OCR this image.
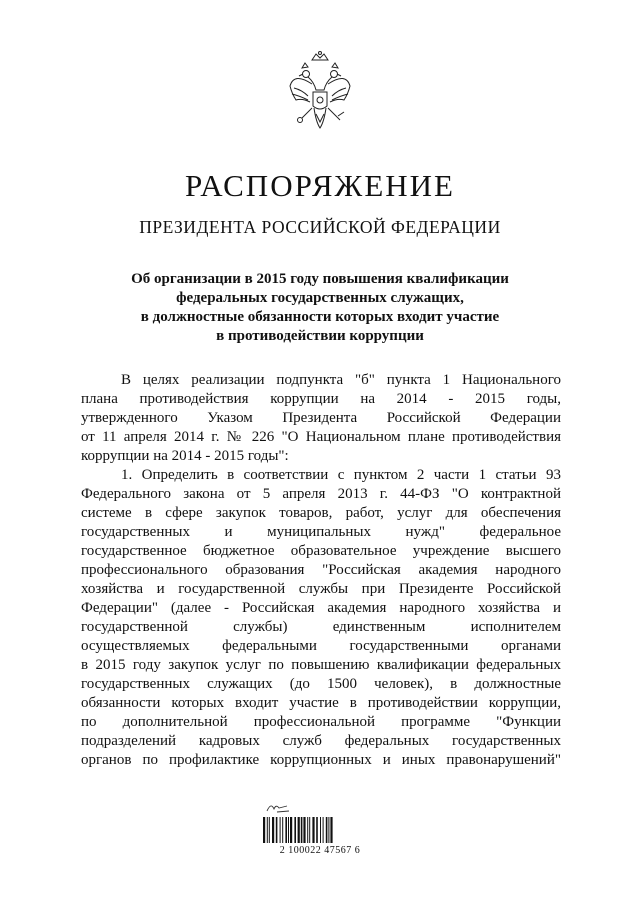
РАСПОРЯЖЕНИЕ
ПРЕЗИДЕНТА РОССИЙСКОЙ ФЕДЕРАЦИИ
Об организации в 2015 году повышения квалификации
федеральных государственных служащих,
в должностные обязанности которых входит участие
в противодействии коррупции
В целях реализации подпункта "б" пункта 1 Национального
плана противодействия коррупции на 2014 - 2015 годы,
утвержденного Указом Президента Российской Федерации
от 11 апреля 2014 г. № 226 "О Национальном плане противодействия
коррупции на 2014 - 2015 годы":
1. Определить в соответствии с пунктом 2 части 1 статьи 93
Федерального закона от 5 апреля 2013 г. 44-ФЗ "О контрактной
системе в сфере закупок товаров, работ, услуг для обеспечения
государственных и муниципальных нужд" федеральное
государственное бюджетное образовательное учреждение высшего
профессионального образования "Российская академия народного
хозяйства и государственной службы при Президенте Российской
Федерации" (далее - Российская академия народного хозяйства и
государственной службы) единственным исполнителем
осуществляемых федеральными государственными органами
в 2015 году закупок услуг по повышению квалификации федеральных
государственных служащих (до 1500 человек), в должностные
обязанности которых входит участие в противодействии коррупции,
по дополнительной профессиональной программе "Функции
подразделений кадровых служб федеральных государственных
органов по профилактике коррупционных и иных правонарушений"
2 100022 47567 6
